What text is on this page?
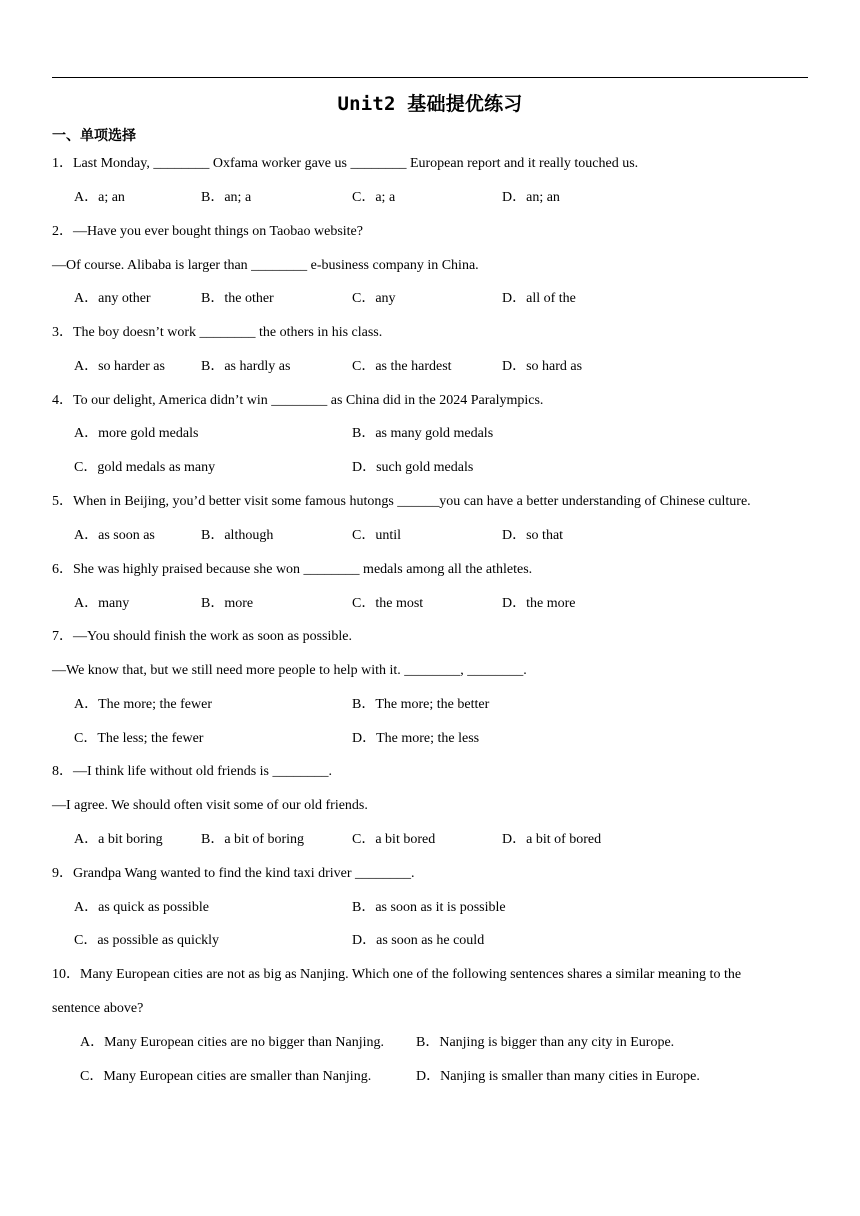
Unit2 基础提优练习
一、单项选择
1．Last Monday, ________ Oxfama worker gave us ________ European report and it really touched us.
A．a; an	B．an; a	C．a; a	D．an; an
2．—Have you ever bought things on Taobao website?
—Of course. Alibaba is larger than ________ e-business company in China.
A．any other	B．the other	C．any	D．all of the
3．The boy doesn’t work ________ the others in his class.
A．so harder as	B．as hardly as	C．as the hardest	D．so hard as
4．To our delight, America didn’t win ________ as China did in the 2024 Paralympics.
A．more gold medals	B．as many gold medals
C．gold medals as many	D．such gold medals
5．When in Beijing, you’d better visit some famous hutongs ______you can have a better understanding of Chinese culture.
A．as soon as	B．although	C．until	D．so that
6．She was highly praised because she won ________ medals among all the athletes.
A．many	B．more	C．the most	D．the more
7．—You should finish the work as soon as possible.
—We know that, but we still need more people to help with it. ________, ________.
A．The more; the fewer	B．The more; the better
C．The less; the fewer	D．The more; the less
8．—I think life without old friends is ________.
—I agree. We should often visit some of our old friends.
A．a bit boring	B．a bit of boring	C．a bit bored	D．a bit of bored
9．Grandpa Wang wanted to find the kind taxi driver ________.
A．as quick as possible	B．as soon as it is possible
C．as possible as quickly	D．as soon as he could
10．Many European cities are not as big as Nanjing. Which one of the following sentences shares a similar meaning to the
sentence above?
A．Many European cities are no bigger than Nanjing. B．Nanjing is bigger than any city in Europe.
C．Many European cities are smaller than Nanjing.	D．Nanjing is smaller than many cities in Europe.
